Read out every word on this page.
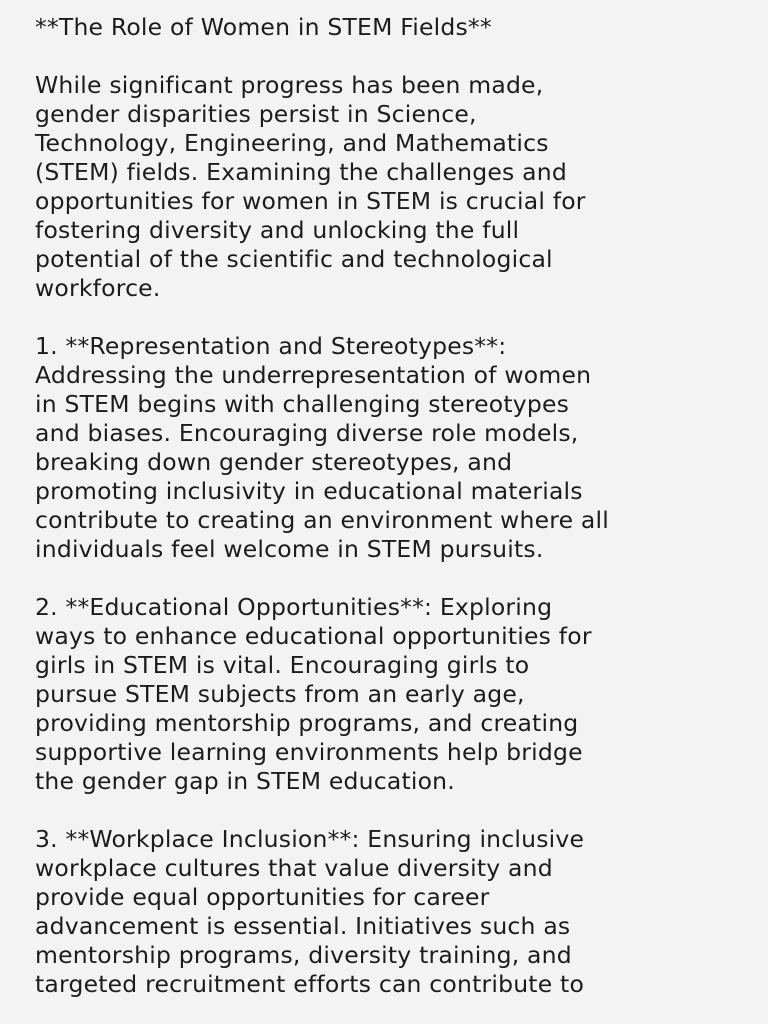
**The Role of Women in STEM Fields**
While significant progress has been made,
gender disparities persist in Science,
Technology, Engineering, and Mathematics
(STEM) fields. Examining the challenges and
opportunities for women in STEM is crucial for
fostering diversity and unlocking the full
potential of the scientific and technological
workforce.
1. **Representation and Stereotypes**:
Addressing the underrepresentation of women
in STEM begins with challenging stereotypes
and biases. Encouraging diverse role models,
breaking down gender stereotypes, and
promoting inclusivity in educational materials
contribute to creating an environment where all
individuals feel welcome in STEM pursuits.
2. **Educational Opportunities**: Exploring
ways to enhance educational opportunities for
girls in STEM is vital. Encouraging girls to
pursue STEM subjects from an early age,
providing mentorship programs, and creating
supportive learning environments help bridge
the gender gap in STEM education.
3. **Workplace Inclusion**: Ensuring inclusive
workplace cultures that value diversity and
provide equal opportunities for career
advancement is essential. Initiatives such as
mentorship programs, diversity training, and
targeted recruitment efforts can contribute to
